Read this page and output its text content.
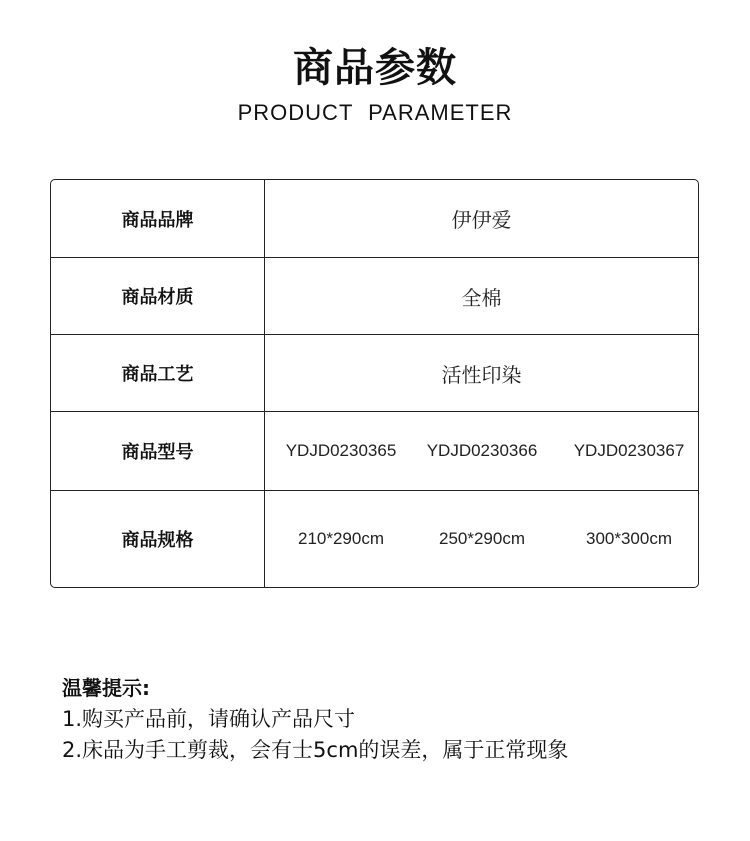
商品参数
PRODUCT PARAMETER
商品品牌	伊伊爱
商品材质	全棉
商品工艺	活性印染
商品型号	YDJD0230365	YDJD0230366	YDJD0230367
商品规格	210*290cm	250*290cm	300*300cm
温馨提示:
1.购买产品前，请确认产品尺寸
2.床品为手工剪裁，会有士5cm的误差，属于正常现象
